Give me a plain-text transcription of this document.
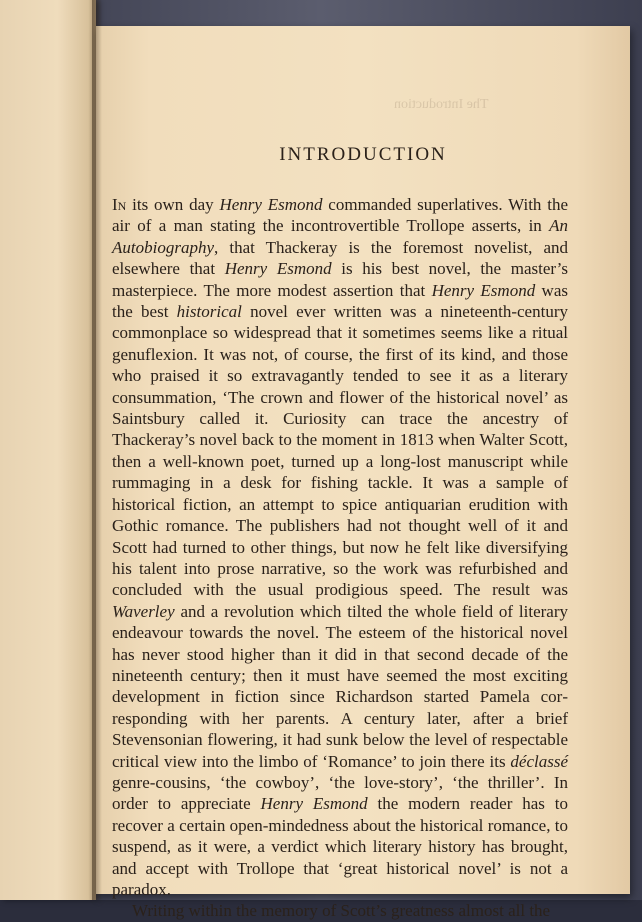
The Introduction
INTRODUCTION

In its own day Henry Esmond commanded superlatives. With the air of a man stating the incontrovertible Trollope asserts, in An Autobiography, that Thackeray is the foremost novelist, and elsewhere that Henry Esmond is his best novel, the master’s masterpiece. The more modest assertion that Henry Esmond was the best historical novel ever written was a nineteenth-century commonplace so widespread that it sometimes seems like a ritual genuflexion. It was not, of course, the first of its kind, and those who praised it so extravagantly tended to see it as a literary consummation, ‘The crown and flower of the historical novel’ as Saintsbury called it. Curiosity can trace the ancestry of Thackeray’s novel back to the moment in 1813 when Walter Scott, then a well-known poet, turned up a long-lost manuscript while rummaging in a desk for fishing tackle. It was a sample of historical fiction, an attempt to spice antiquarian erudition with Gothic romance. The publishers had not thought well of it and Scott had turned to other things, but now he felt like diversifying his talent into prose narrative, so the work was refurbished and concluded with the usual prodigious speed. The result was Waverley and a revolution which tilted the whole field of literary endeavour towards the novel. The esteem of the historical novel has never stood higher than it did in that second decade of the nineteenth century; then it must have seemed the most exciting development in fiction since Richardson started Pamela corresponding with her parents. A century later, after a brief Stevensonian flowering, it had sunk below the level of respectable critical view into the limbo of ‘Romance’ to join there its déclassé genre-cousins, ‘the cowboy’, ‘the love-story’, ‘the thriller’. In order to appreciate Henry Esmond the modern reader has to recover a certain open-mindedness about the historical romance, to suspend, as it were, a verdict which literary history has brought, and accept with Trollope that ‘great historical novel’ is not a paradox.

Writing within the memory of Scott’s greatness almost all the
